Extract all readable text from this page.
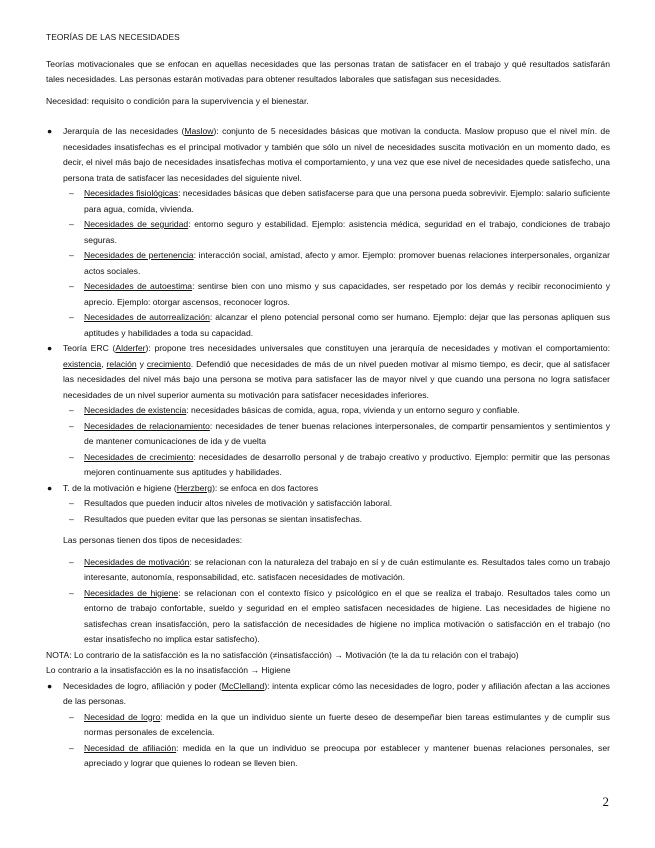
TEORÍAS DE LAS NECESIDADES

Teorías motivacionales que se enfocan en aquellas necesidades que las personas tratan de satisfacer en el trabajo y qué resultados satisfarán tales necesidades. Las personas estarán motivadas para obtener resultados laborales que satisfagan sus necesidades.

Necesidad: requisito o condición para la supervivencia y el bienestar.

● Jerarquía de las necesidades (Maslow): conjunto de 5 necesidades básicas que motivan la conducta. Maslow propuso que el nivel mín. de necesidades insatisfechas es el principal motivador y también que sólo un nivel de necesidades suscita motivación en un momento dado, es decir, el nivel más bajo de necesidades insatisfechas motiva el comportamiento, y una vez que ese nivel de necesidades quede satisfecho, una persona trata de satisfacer las necesidades del siguiente nivel.
– Necesidades fisiológicas: necesidades básicas que deben satisfacerse para que una persona pueda sobrevivir. Ejemplo: salario suficiente para agua, comida, vivienda.
– Necesidades de seguridad: entorno seguro y estabilidad. Ejemplo: asistencia médica, seguridad en el trabajo, condiciones de trabajo seguras.
– Necesidades de pertenencia: interacción social, amistad, afecto y amor. Ejemplo: promover buenas relaciones interpersonales, organizar actos sociales.
– Necesidades de autoestima: sentirse bien con uno mismo y sus capacidades, ser respetado por los demás y recibir reconocimiento y aprecio. Ejemplo: otorgar ascensos, reconocer logros.
– Necesidades de autorrealización: alcanzar el pleno potencial personal como ser humano. Ejemplo: dejar que las personas apliquen sus aptitudes y habilidades a toda su capacidad.
● Teoría ERC (Alderfer): propone tres necesidades universales que constituyen una jerarquía de necesidades y motivan el comportamiento: existencia, relación y crecimiento. Defendió que necesidades de más de un nivel pueden motivar al mismo tiempo, es decir, que al satisfacer las necesidades del nivel más bajo una persona se motiva para satisfacer las de mayor nivel y que cuando una persona no logra satisfacer necesidades de un nivel superior aumenta su motivación para satisfacer necesidades inferiores.
– Necesidades de existencia: necesidades básicas de comida, agua, ropa, vivienda y un entorno seguro y confiable.
– Necesidades de relacionamiento: necesidades de tener buenas relaciones interpersonales, de compartir pensamientos y sentimientos y de mantener comunicaciones de ida y de vuelta
– Necesidades de crecimiento: necesidades de desarrollo personal y de trabajo creativo y productivo. Ejemplo: permitir que las personas mejoren continuamente sus aptitudes y habilidades.
● T. de la motivación e higiene (Herzberg): se enfoca en dos factores
– Resultados que pueden inducir altos niveles de motivación y satisfacción laboral.
– Resultados que pueden evitar que las personas se sientan insatisfechas.

Las personas tienen dos tipos de necesidades:

– Necesidades de motivación: se relacionan con la naturaleza del trabajo en sí y de cuán estimulante es. Resultados tales como un trabajo interesante, autonomía, responsabilidad, etc. satisfacen necesidades de motivación.
– Necesidades de higiene: se relacionan con el contexto físico y psicológico en el que se realiza el trabajo. Resultados tales como un entorno de trabajo confortable, sueldo y seguridad en el empleo satisfacen necesidades de higiene. Las necesidades de higiene no satisfechas crean insatisfacción, pero la satisfacción de necesidades de higiene no implica motivación o satisfacción en el trabajo (no estar insatisfecho no implica estar satisfecho).

NOTA: Lo contrario de la satisfacción es la no satisfacción (≠insatisfacción) → Motivación (te la da tu relación con el trabajo)

Lo contrario a la insatisfacción es la no insatisfacción → Higiene

● Necesidades de logro, afiliación y poder (McClelland): intenta explicar cómo las necesidades de logro, poder y afiliación afectan a las acciones de las personas.
– Necesidad de logro: medida en la que un individuo siente un fuerte deseo de desempeñar bien tareas estimulantes y de cumplir sus normas personales de excelencia.
– Necesidad de afiliación: medida en la que un individuo se preocupa por establecer y mantener buenas relaciones personales, ser apreciado y lograr que quienes lo rodean se lleven bien.
2
